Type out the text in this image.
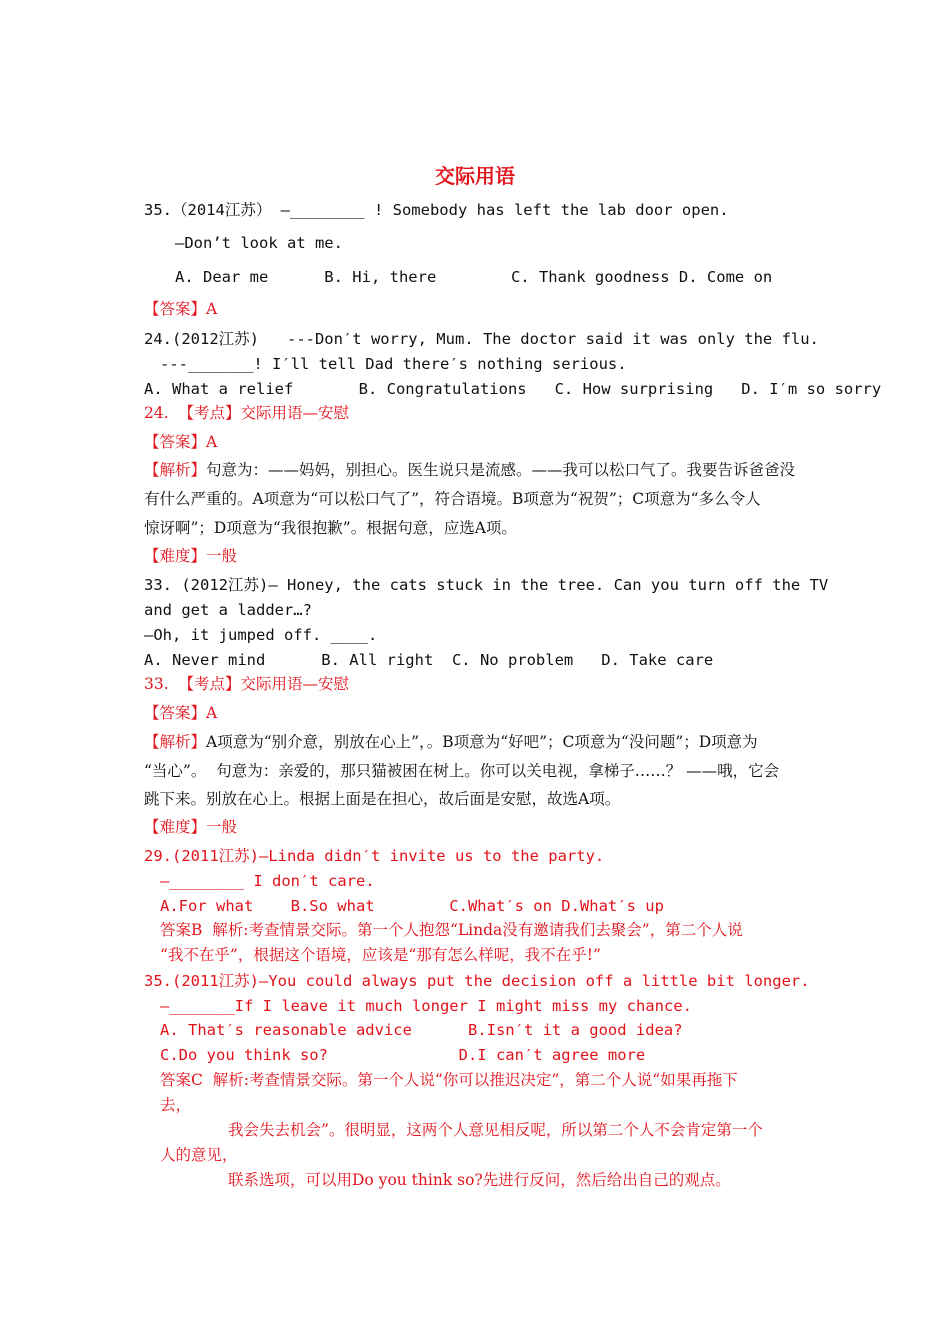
交际用语
35.（2014江苏） —________ ! Somebody has left the lab door open.
—Don’t look at me.
A. Dear me      B. Hi, there        C. Thank goodness D. Come on
【答案】A
24.(2012江苏)   ---Don′t worry, Mum. The doctor said it was only the flu.
---_______! I′ll tell Dad there′s nothing serious.
A. What a relief       B. Congratulations   C. How surprising   D. I′m so sorry
24. 【考点】交际用语—安慰
【答案】A
【解析】句意为：——妈妈，别担心。医生说只是流感。——我可以松口气了。我要告诉爸爸没
有什么严重的。A项意为“可以松口气了”，符合语境。B项意为“祝贺”；C项意为“多么令人
惊讶啊”；D项意为“我很抱歉”。根据句意，应选A项。
【难度】一般
33. (2012江苏)— Honey, the cats stuck in the tree. Can you turn off the TV
and get a ladder…?
—Oh, it jumped off. ____.
A. Never mind      B. All right  C. No problem   D. Take care
33. 【考点】交际用语—安慰
【答案】A
【解析】A项意为“别介意，别放在心上”，。B项意为“好吧”；C项意为“没问题”；D项意为
“当心”。  句意为：亲爱的，那只猫被困在树上。你可以关电视，拿梯子……？ ——哦，它会
跳下来。别放在心上。根据上面是在担心，故后面是安慰，故选A项。
【难度】一般
29.(2011江苏)—Linda didn′t invite us to the party.
—________ I don′t care.
A.For what    B.So what        C.What′s on D.What′s up
答案B  解析:考查情景交际。第一个人抱怨“Linda没有邀请我们去聚会”，第二个人说
“我不在乎”，根据这个语境，应该是“那有怎么样呢，我不在乎!”
35.(2011江苏)—You could always put the decision off a little bit longer.
—_______If I leave it much longer I might miss my chance.
A. That′s reasonable advice      B.Isn′t it a good idea?
C.Do you think so?              D.I can′t agree more
答案C  解析:考查情景交际。第一个人说“你可以推迟决定”，第二个人说“如果再拖下
去，
我会失去机会”。很明显，这两个人意见相反呢，所以第二个人不会肯定第一个
人的意见，
联系选项，可以用Do you think so?先进行反问，然后给出自己的观点。
